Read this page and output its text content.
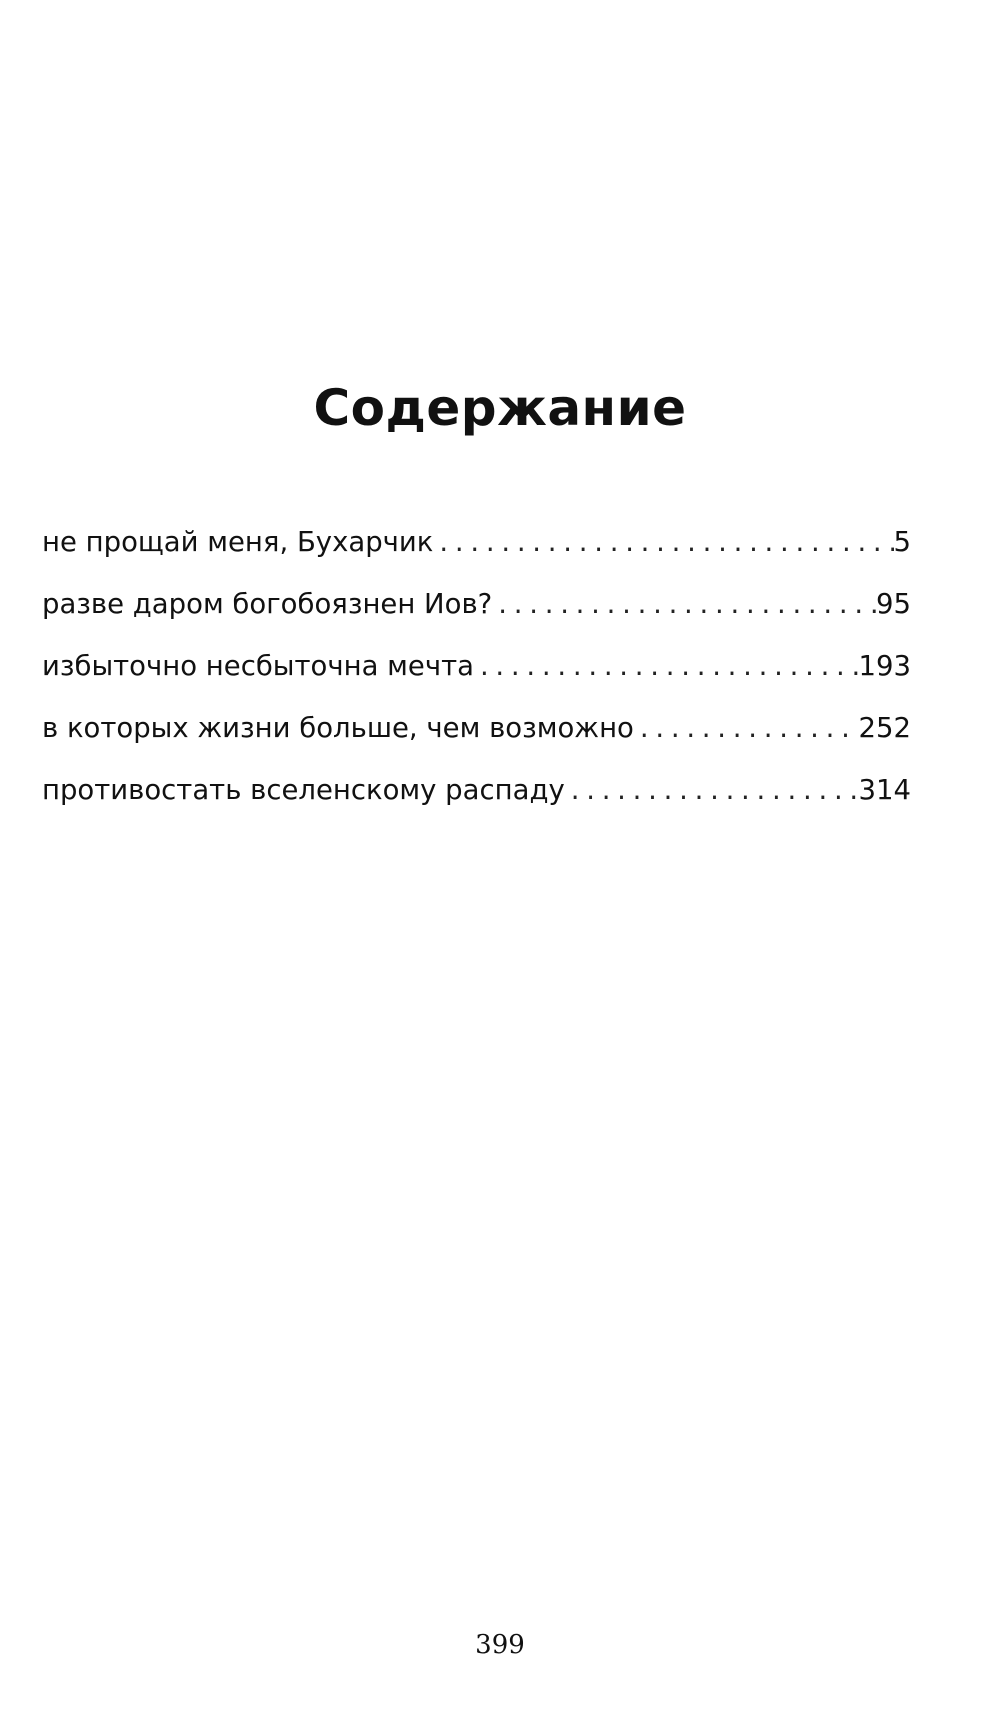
Содержание
не прощай меня, Бухарчик . . .	5
разве даром богобоязнен Иов? . . .	95
избыточно несбыточна мечта . . .	193
в которых жизни больше, чем возможно . . .	252
противостать вселенскому распаду . . .	314
399
